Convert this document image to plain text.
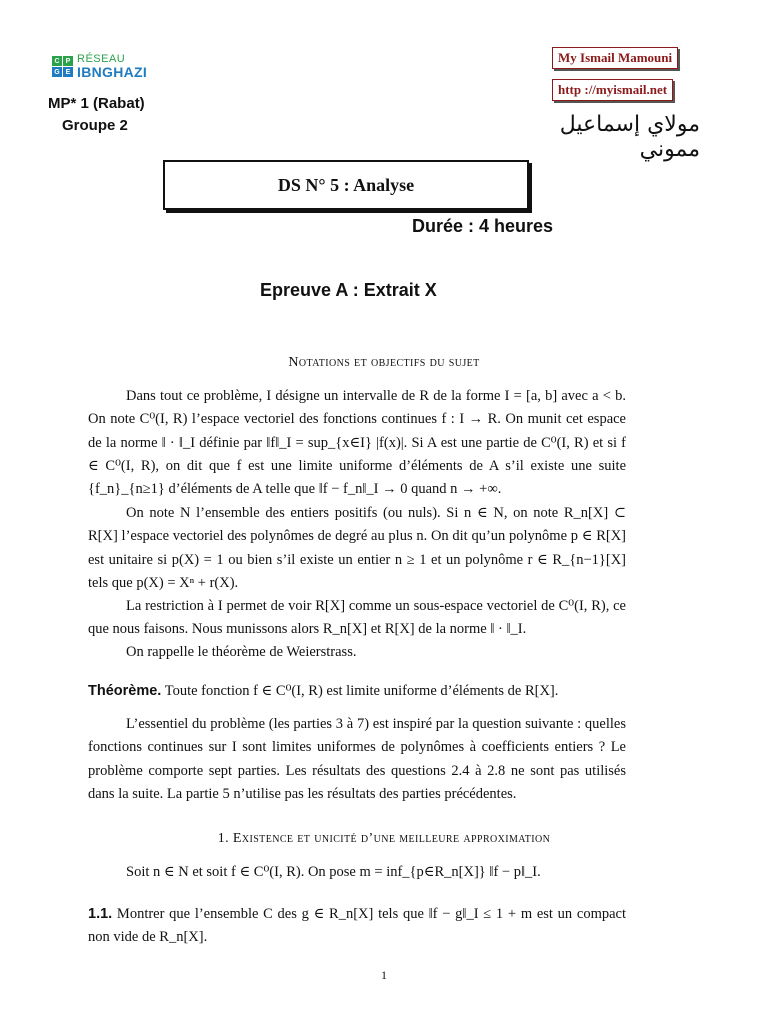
C P
G E
RÉSEAU
IBNGHAZI
MP* 1 (Rabat)
Groupe 2
My Ismail Mamouni
http ://myismail.net
مولاي إسماعيل مموني
DS N° 5 : Analyse
Durée : 4 heures
Epreuve A : Extrait X
Notations et objectifs du sujet
Dans tout ce problème, I désigne un intervalle de R de la forme I = [a, b] avec a < b. On note C⁰(I, R) l’espace vectoriel des fonctions continues f : I → R. On munit cet espace de la norme ‖ · ‖_I définie par ‖f‖_I = sup_{x∈I} |f(x)|. Si A est une partie de C⁰(I, R) et si f ∈ C⁰(I, R), on dit que f est une limite uniforme d’éléments de A s’il existe une suite {f_n}_{n≥1} d’éléments de A telle que ‖f − f_n‖_I → 0 quand n → +∞.
On note N l’ensemble des entiers positifs (ou nuls). Si n ∈ N, on note R_n[X] ⊂ R[X] l’espace vectoriel des polynômes de degré au plus n. On dit qu’un polynôme p ∈ R[X] est unitaire si p(X) = 1 ou bien s’il existe un entier n ≥ 1 et un polynôme r ∈ R_{n−1}[X] tels que p(X) = Xⁿ + r(X).
La restriction à I permet de voir R[X] comme un sous-espace vectoriel de C⁰(I, R), ce que nous faisons. Nous munissons alors R_n[X] et R[X] de la norme ‖ · ‖_I.
On rappelle le théorème de Weierstrass.
Théorème. Toute fonction f ∈ C⁰(I, R) est limite uniforme d’éléments de R[X].
L’essentiel du problème (les parties 3 à 7) est inspiré par la question suivante : quelles fonctions continues sur I sont limites uniformes de polynômes à coefficients entiers ? Le problème comporte sept parties. Les résultats des questions 2.4 à 2.8 ne sont pas utilisés dans la suite. La partie 5 n’utilise pas les résultats des parties précédentes.
1. Existence et unicité d’une meilleure approximation
Soit n ∈ N et soit f ∈ C⁰(I, R). On pose m = inf_{p∈R_n[X]} ‖f − p‖_I.
1.1. Montrer que l’ensemble C des g ∈ R_n[X] tels que ‖f − g‖_I ≤ 1 + m est un compact non vide de R_n[X].
1
